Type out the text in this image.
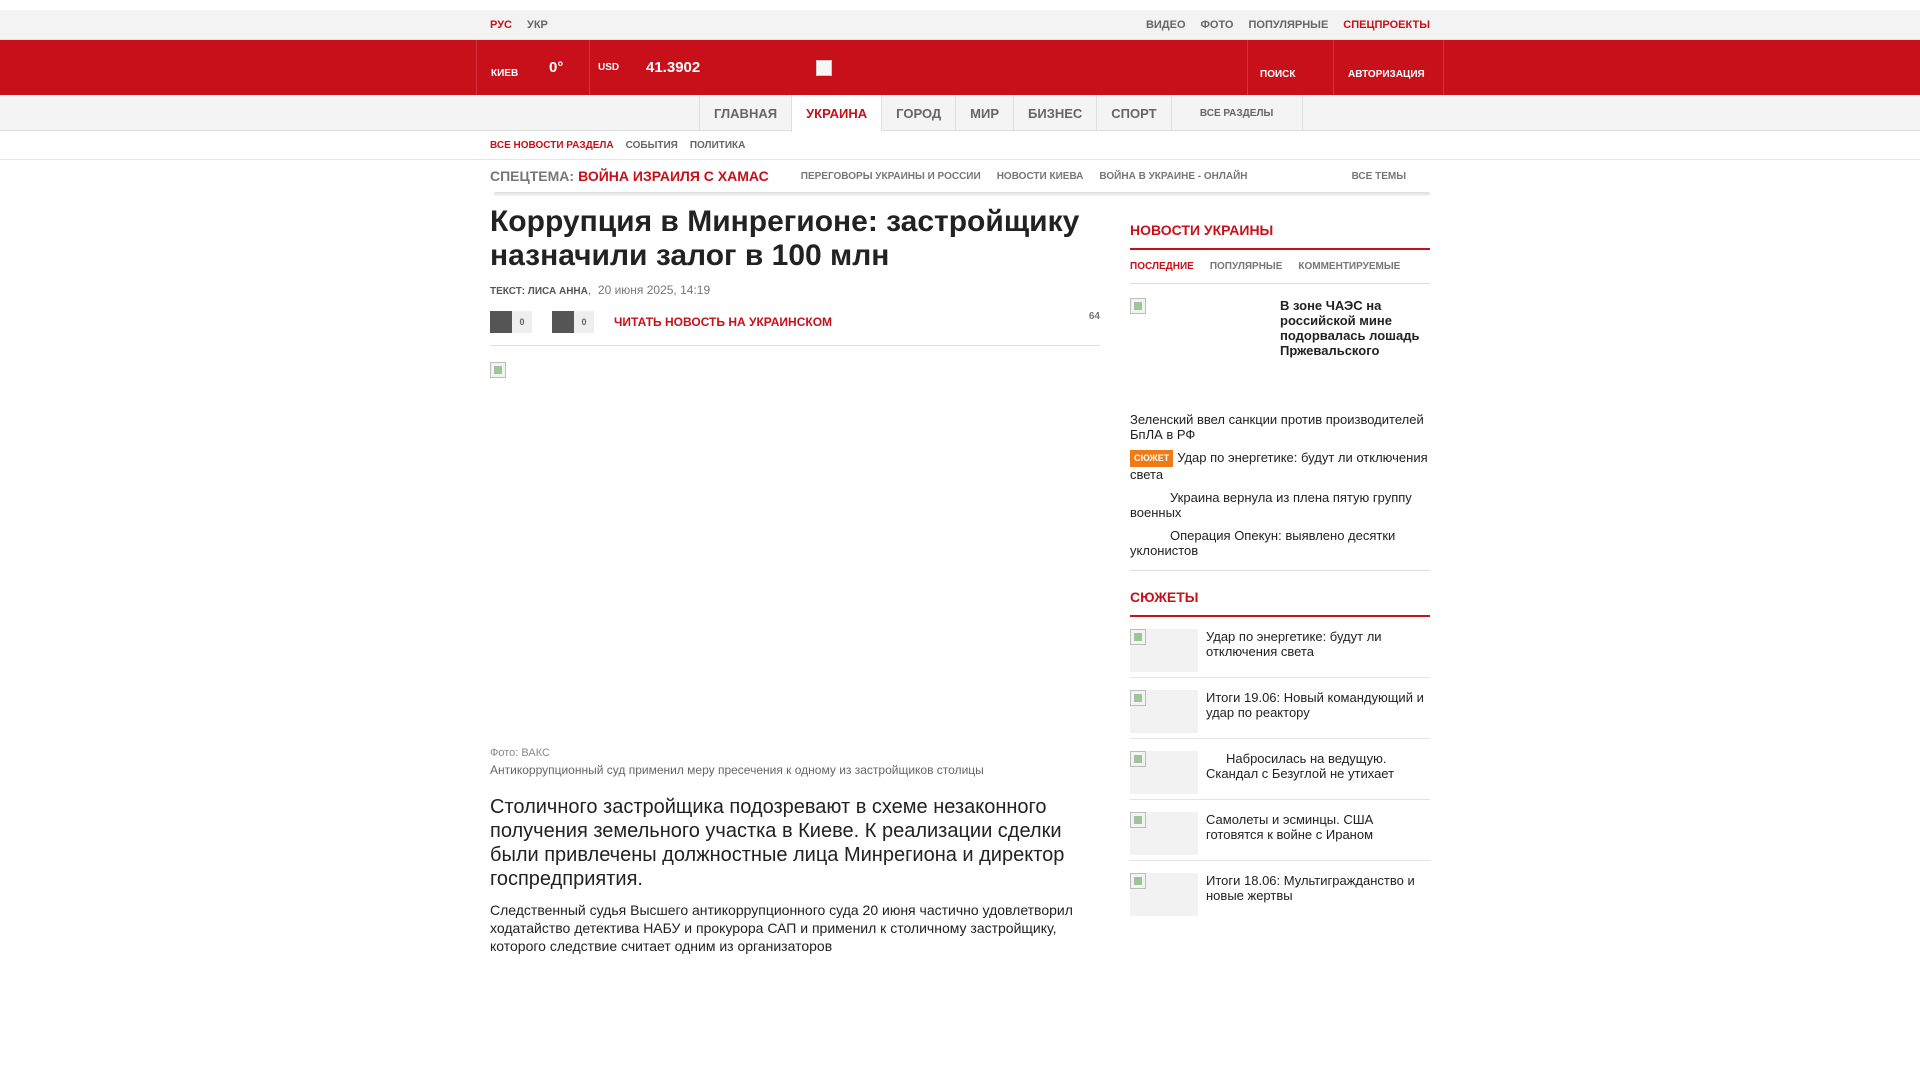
РУС УКР	ВИДЕО ФОТО ПОПУЛЯРНЫЕ СПЕЦПРОЕКТЫ
КИЕВ 0°	USD 41.3902	ПОИСК	АВТОРИЗАЦИЯ
ГЛАВНАЯ	УКРАИНА	ГОРОД	МИР	БИЗНЕС	СПОРТ	ВСЕ РАЗДЕЛЫ
ВСЕ НОВОСТИ РАЗДЕЛА СОБЫТИЯ ПОЛИТИКА
СПЕЦТЕМА: ВОЙНА ИЗРАИЛЯ С ХАМАС	ПЕРЕГОВОРЫ УКРАИНЫ И РОССИИ НОВОСТИ КИЕВА ВОЙНА В УКРАИНЕ - ОНЛАЙН	ВСЕ ТЕМЫ
Коррупция в Минрегионе: застройщику назначили залог в 100 млн
ТЕКСТ: ЛИСА АННА,  20 июня 2025, 14:19
0	0	ЧИТАТЬ НОВОСТЬ НА УКРАИНСКОМ	64
Фото: ВАКС
Антикоррупционный суд применил меру пресечения к одному из застройщиков столицы

Столичного застройщика подозревают в схеме незаконного получения земельного участка в Киеве. К реализации сделки были привлечены должностные лица Минрегиона и директор госпредприятия.

Следственный судья Высшего антикоррупционного суда 20 июня частично удовлетворил ходатайство детектива НАБУ и прокурора САП и применил к столичному застройщику, которого следствие считает одним из организаторов

НОВОСТИ УКРАИНЫ
ПОСЛЕДНИЕ ПОПУЛЯРНЫЕ КОММЕНТИРУЕМЫЕ
В зоне ЧАЭС на российской мине подорвалась лошадь Пржевальского
Зеленский ввел санкции против производителей БпЛА в РФ
СЮЖЕТ Удар по энергетике: будут ли отключения света
Украина вернула из плена пятую группу военных
Операция Опекун: выявлено десятки уклонистов
СЮЖЕТЫ
Удар по энергетике: будут ли отключения света
Итоги 19.06: Новый командующий и удар по реактору
Набросилась на ведущую. Скандал с Безуглой не утихает
Самолеты и эсминцы. США готовятся к войне с Ираном
Итоги 18.06: Мультигражданство и новые жертвы
